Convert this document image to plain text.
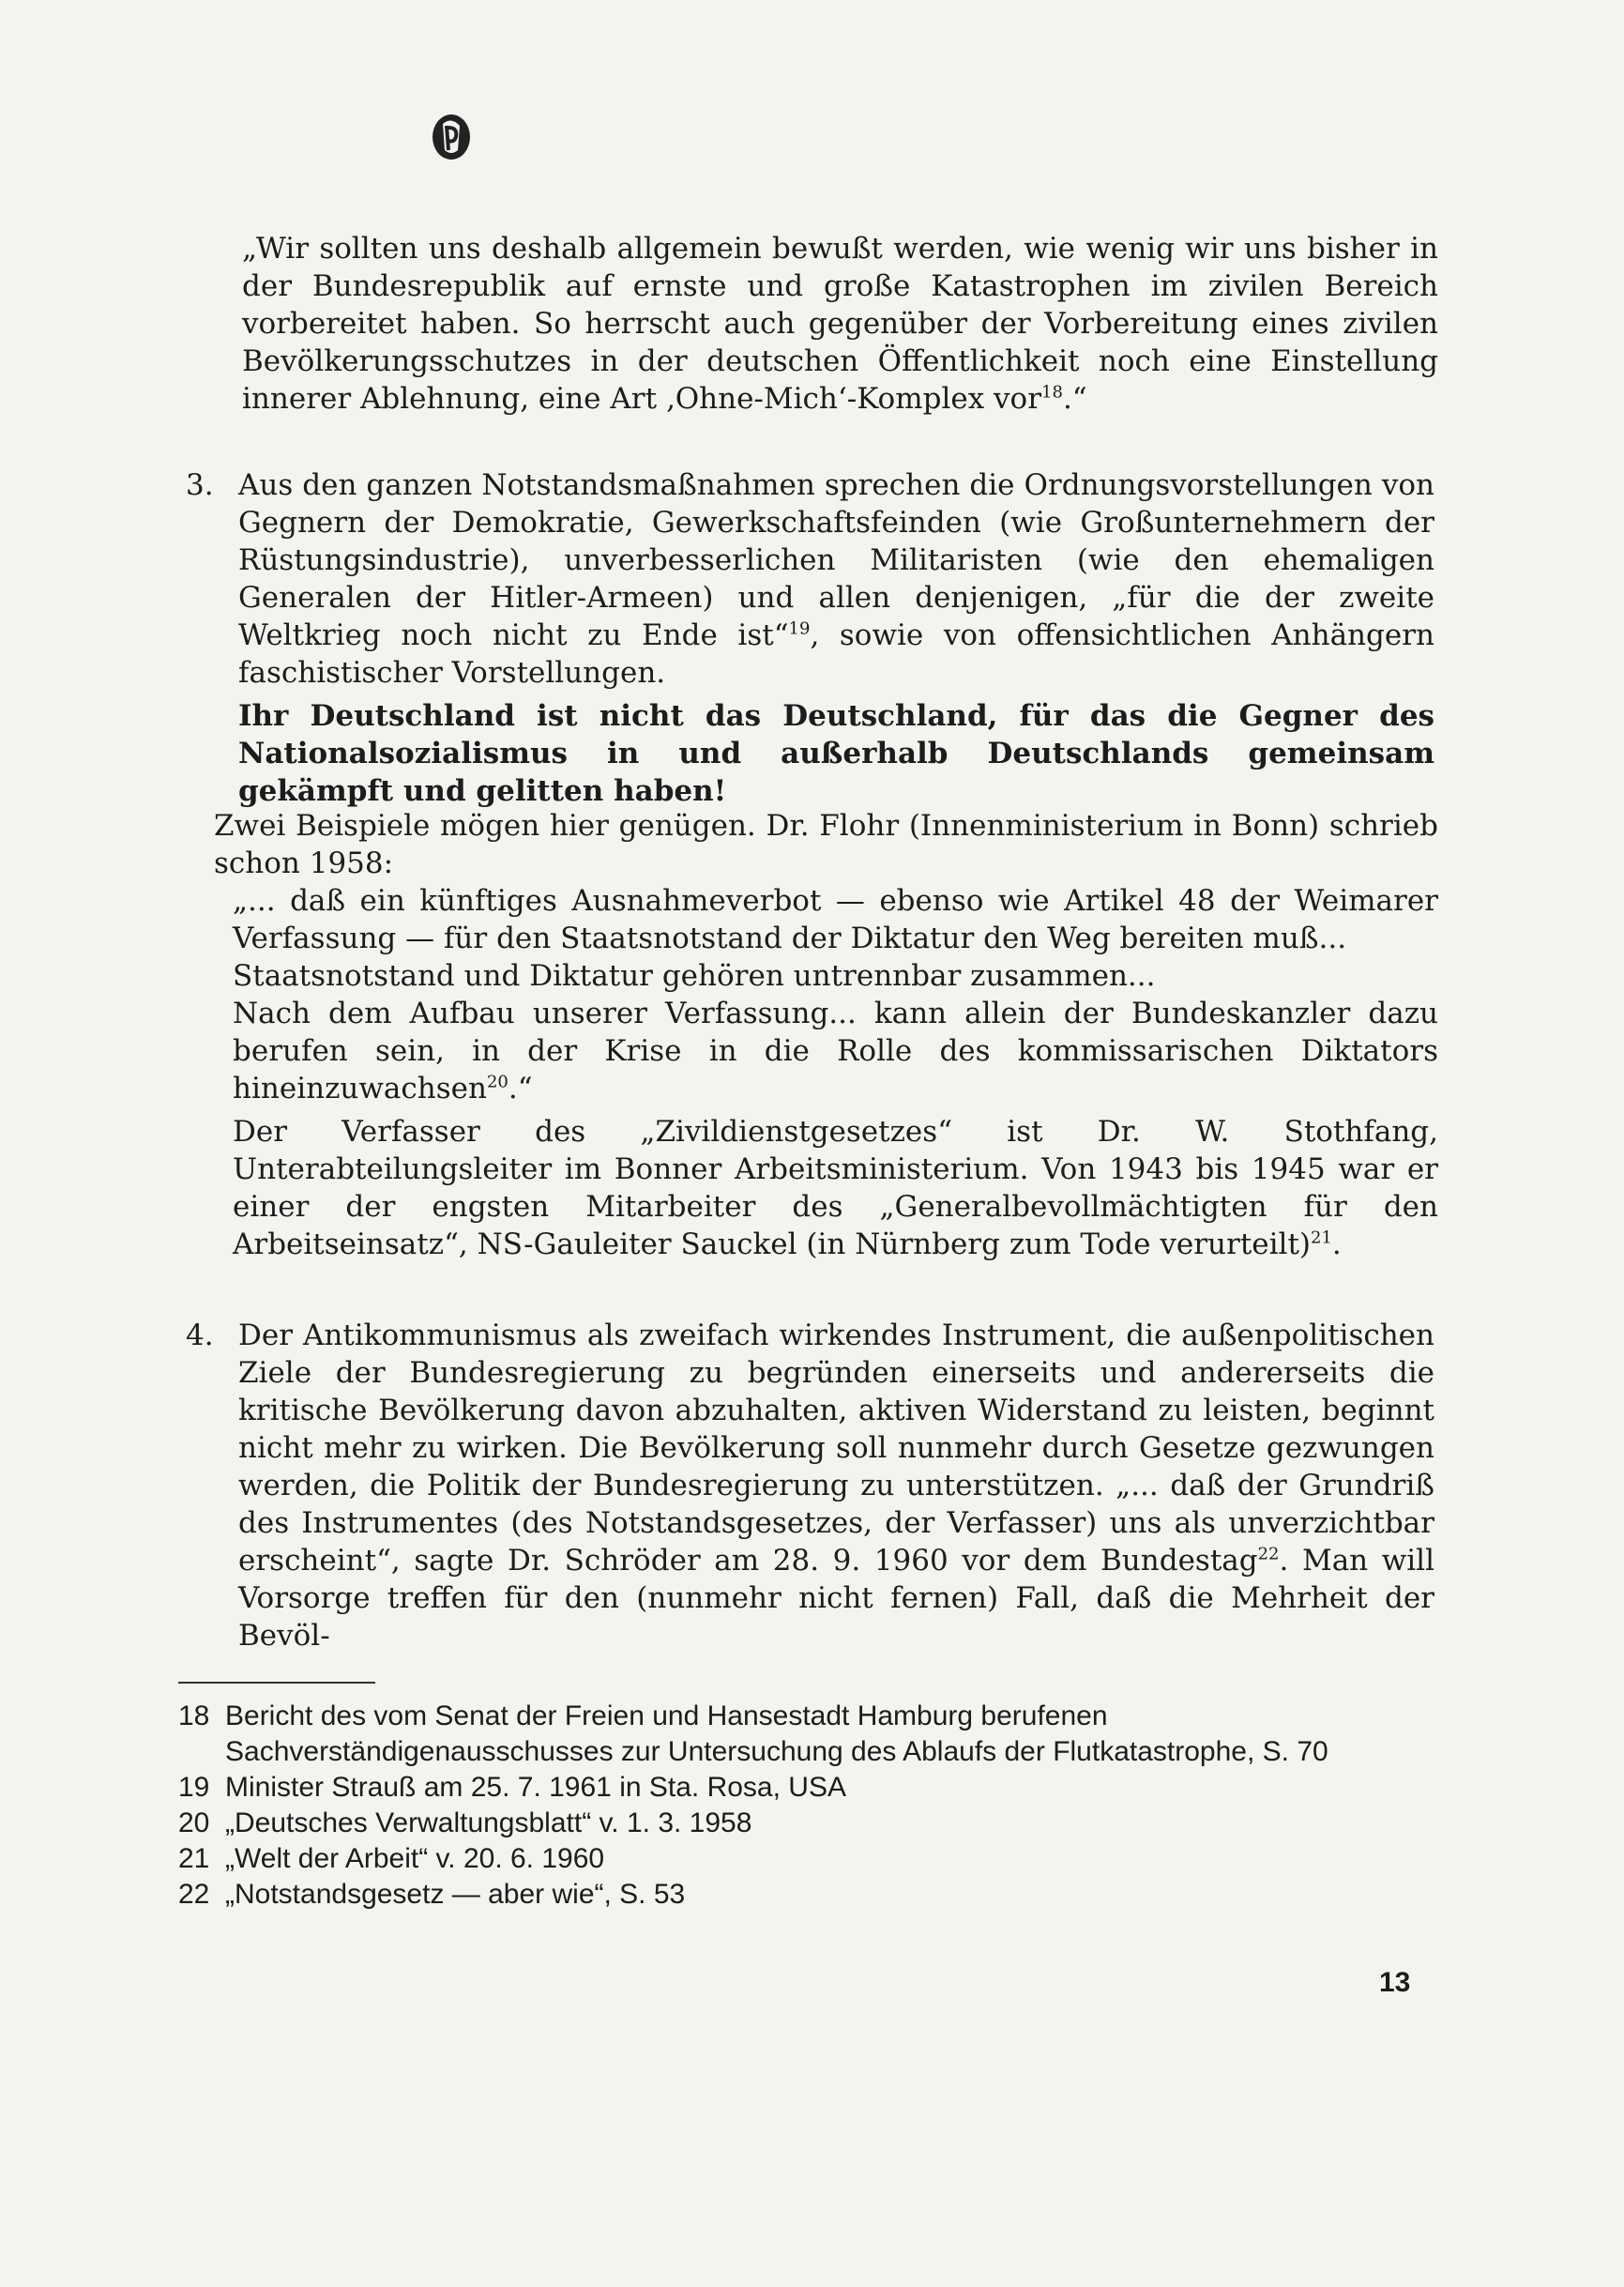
„Wir sollten uns deshalb allgemein bewußt werden, wie wenig wir uns bisher in der Bundesrepublik auf ernste und große Katastrophen im zivilen Bereich vorbereitet haben. So herrscht auch gegenüber der Vorbereitung eines zivilen Bevölkerungsschutzes in der deutschen Öffentlichkeit noch eine Einstellung innerer Ablehnung, eine Art ‚Ohne-Mich‘-Komplex vor$^{18}$.“
3. Aus den ganzen Notstandsmaßnahmen sprechen die Ordnungsvorstellungen von Gegnern der Demokratie, Gewerkschaftsfeinden (wie Großunternehmern der Rüstungsindustrie), unverbesserlichen Militaristen (wie den ehemaligen Generalen der Hitler-Armeen) und allen denjenigen, „für die der zweite Weltkrieg noch nicht zu Ende ist“$^{19}$, sowie von offensichtlichen Anhängern faschistischer Vorstellungen.

Ihr Deutschland ist nicht das Deutschland, für das die Gegner des Nationalsozialismus in und außerhalb Deutschlands gemeinsam gekämpft und gelitten haben!

Zwei Beispiele mögen hier genügen. Dr. Flohr (Innenministerium in Bonn) schrieb schon 1958:

„... daß ein künftiges Ausnahmeverbot — ebenso wie Artikel 48 der Weimarer Verfassung — für den Staatsnotstand der Diktatur den Weg bereiten muß...

Staatsnotstand und Diktatur gehören untrennbar zusammen...

Nach dem Aufbau unserer Verfassung... kann allein der Bundeskanzler dazu berufen sein, in der Krise in die Rolle des kommissarischen Diktators hineinzuwachsen$^{20}$.“

Der Verfasser des „Zivildienstgesetzes“ ist Dr. W. Stothfang, Unterabteilungsleiter im Bonner Arbeitsministerium. Von 1943 bis 1945 war er einer der engsten Mitarbeiter des „Generalbevollmächtigten für den Arbeitseinsatz“, NS-Gauleiter Sauckel (in Nürnberg zum Tode verurteilt)$^{21}$.

4. Der Antikommunismus als zweifach wirkendes Instrument, die außenpolitischen Ziele der Bundesregierung zu begründen einerseits und andererseits die kritische Bevölkerung davon abzuhalten, aktiven Widerstand zu leisten, beginnt nicht mehr zu wirken. Die Bevölkerung soll nunmehr durch Gesetze gezwungen werden, die Politik der Bundesregierung zu unterstützen. „... daß der Grundriß des Instrumentes (des Notstandsgesetzes, der Verfasser) uns als unverzichtbar erscheint“, sagte Dr. Schröder am 28. 9. 1960 vor dem Bundestag$^{22}$. Man will Vorsorge treffen für den (nunmehr nicht fernen) Fall, daß die Mehrheit der Bevöl-

18 Bericht des vom Senat der Freien und Hansestadt Hamburg berufenen Sachverständigenausschusses zur Untersuchung des Ablaufs der Flutkatastrophe, S. 70

19 Minister Strauß am 25. 7. 1961 in Sta. Rosa, USA

20 „Deutsches Verwaltungsblatt“ v. 1. 3. 1958

21 „Welt der Arbeit“ v. 20. 6. 1960

22 „Notstandsgesetz — aber wie“, S. 53

13
